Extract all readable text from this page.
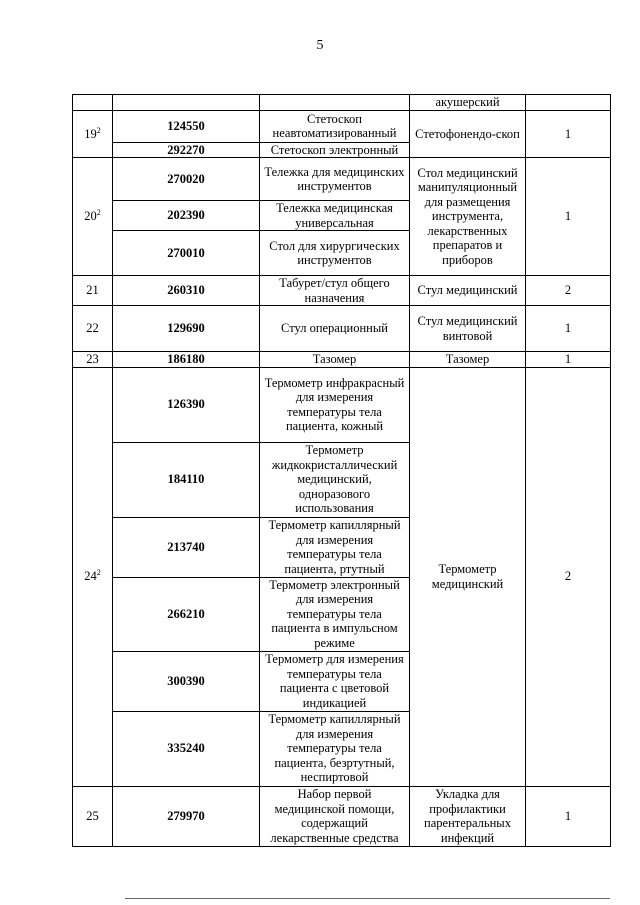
5
			акушерский	
$19^2$	124550	Стетоскоп неавтоматизированный	Стетофонендо-скоп	1
	292270	Стетоскоп электронный		
$20^2$	270020	Тележка для медицинских инструментов	Стол медицинский манипуляционный для размещения инструмента, лекарственных препаратов и приборов	1
	202390	Тележка медицинская универсальная		
	270010	Стол для хирургических инструментов		
21	260310	Табурет/стул общего назначения	Стул медицинский	2
22	129690	Стул операционный	Стул медицинский винтовой	1
23	186180	Тазомер	Тазомер	1
$24^2$	126390	Термометр инфракрасный для измерения температуры тела пациента, кожный	Термометр медицинский	2
	184110	Термометр жидкокристаллический медицинский, одноразового использования		
	213740	Термометр капиллярный для измерения температуры тела пациента, ртутный		
	266210	Термометр электронный для измерения температуры тела пациента в импульсном режиме		
	300390	Термометр для измерения температуры тела пациента с цветовой индикацией		
	335240	Термометр капиллярный для измерения температуры тела пациента, безртутный, неспиртовой		
25	279970	Набор первой медицинской помощи, содержащий лекарственные средства	Укладка для профилактики парентеральных инфекций	1
